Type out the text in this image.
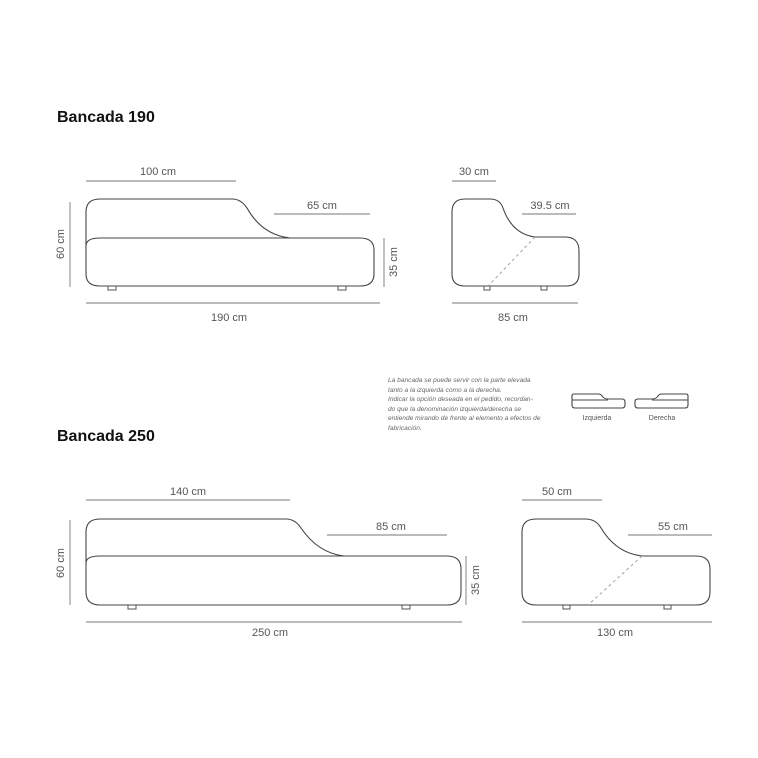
Bancada 190
100 cm
65 cm
60 cm
35 cm
190 cm
30 cm
39.5 cm
85 cm
Izquierda	Derecha
Bancada 250
140 cm
85 cm
60 cm
35 cm
250 cm
50 cm
55 cm
130 cm
La bancada se puede servir con la parte elevada
tanto a la izquierda como a la derecha.
Indicar la opción deseada en el pedido, recordan-
do que la denominación izquierda/derecha se
entiende mirando de frente al elemento a efectos de
fabricación.
